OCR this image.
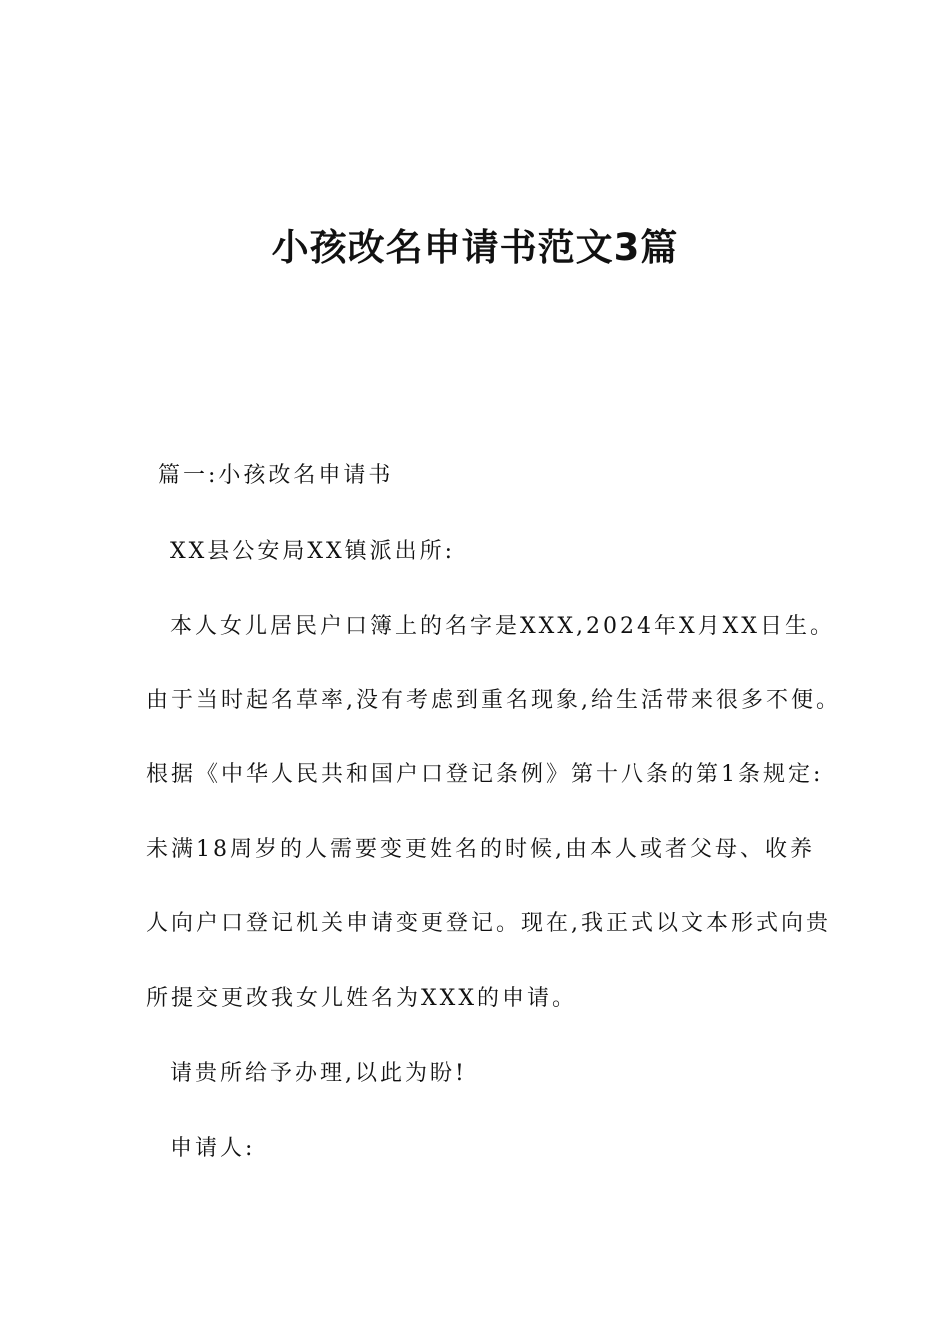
小孩改名申请书范文3篇

篇一:小孩改名申请书

XX县公安局XX镇派出所:

本人女儿居民户口簿上的名字是XXX,2024年X月XX日生。

由于当时起名草率,没有考虑到重名现象,给生活带来很多不便。

根据《中华人民共和国户口登记条例》第十八条的第1条规定:

未满18周岁的人需要变更姓名的时候,由本人或者父母、收养

人向户口登记机关申请变更登记。现在,我正式以文本形式向贵

所提交更改我女儿姓名为XXX的申请。

请贵所给予办理,以此为盼!

申请人:
